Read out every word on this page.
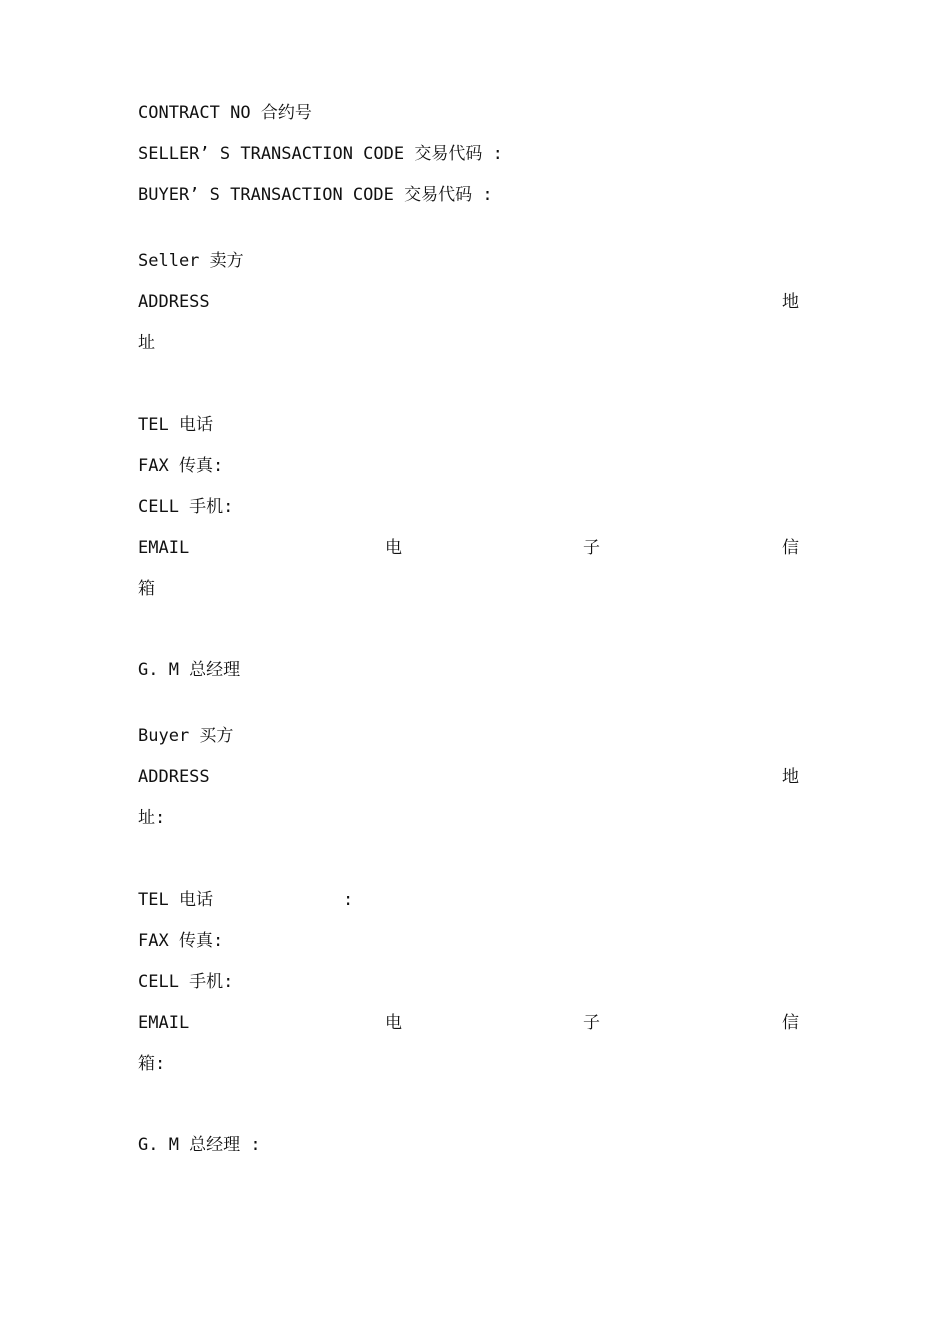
CONTRACT NO 合约号
SELLER’ S TRANSACTION CODE 交易代码 :
BUYER’ S TRANSACTION CODE 交易代码 :
Seller 卖方
ADDRESS	地
址
TEL 电话
FAX 传真:
CELL 手机:
EMAIL	电	子	信
箱
G. M 总经理
Buyer 买方
ADDRESS	地
址:
TEL 电话	:
FAX 传真:
CELL 手机:
EMAIL	电	子	信
箱:
G. M 总经理 :
